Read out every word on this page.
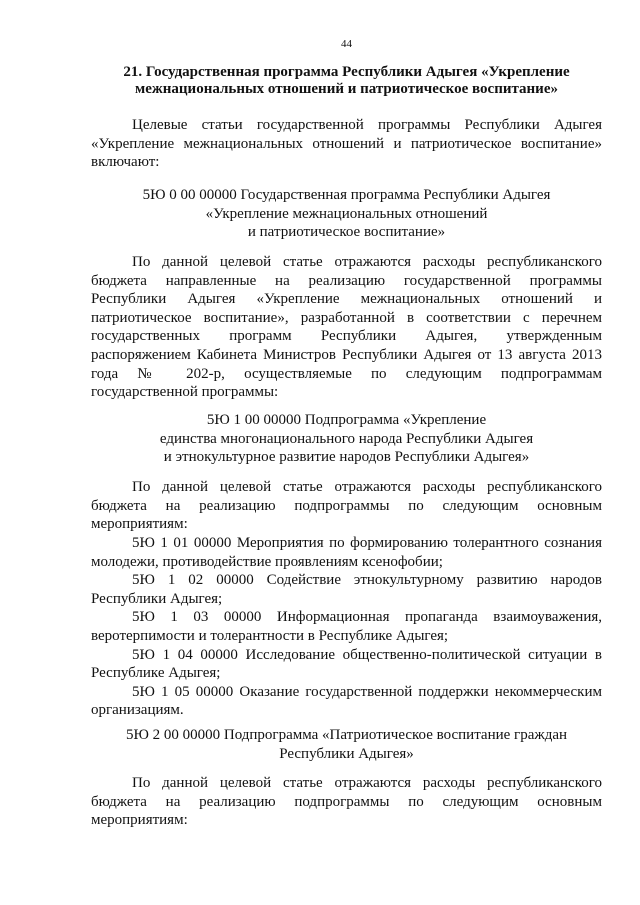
44
21. Государственная программа Республики Адыгея «Укрепление
межнациональных отношений и патриотическое воспитание»

Целевые статьи государственной программы Республики Адыгея «Укрепление межнациональных отношений и патриотическое воспитание» включают:

5Ю 0 00 00000 Государственная программа Республики Адыгея
«Укрепление межнациональных отношений
и патриотическое воспитание»

По данной целевой статье отражаются расходы республиканского бюджета направленные на реализацию государственной программы Республики Адыгея «Укрепление межнациональных отношений и патриотическое воспитание», разработанной в соответствии с перечнем государственных программ Республики Адыгея, утвержденным распоряжением Кабинета Министров Республики Адыгея от 13 августа 2013 года № 202-р, осуществляемые по следующим подпрограммам государственной программы:

5Ю 1 00 00000 Подпрограмма «Укрепление
единства многонационального народа Республики Адыгея
и этнокультурное развитие народов Республики Адыгея»

По данной целевой статье отражаются расходы республиканского бюджета на реализацию подпрограммы по следующим основным мероприятиям:

5Ю 1 01 00000 Мероприятия по формированию толерантного сознания молодежи, противодействие проявлениям ксенофобии;

5Ю 1 02 00000 Содействие этнокультурному развитию народов Республики Адыгея;

5Ю 1 03 00000 Информационная пропаганда взаимоуважения, веротерпимости и толерантности в Республике Адыгея;

5Ю 1 04 00000 Исследование общественно-политической ситуации в Республике Адыгея;

5Ю 1 05 00000 Оказание государственной поддержки некоммерческим организациям.

5Ю 2 00 00000 Подпрограмма «Патриотическое воспитание граждан
Республики Адыгея»

По данной целевой статье отражаются расходы республиканского бюджета на реализацию подпрограммы по следующим основным мероприятиям:
